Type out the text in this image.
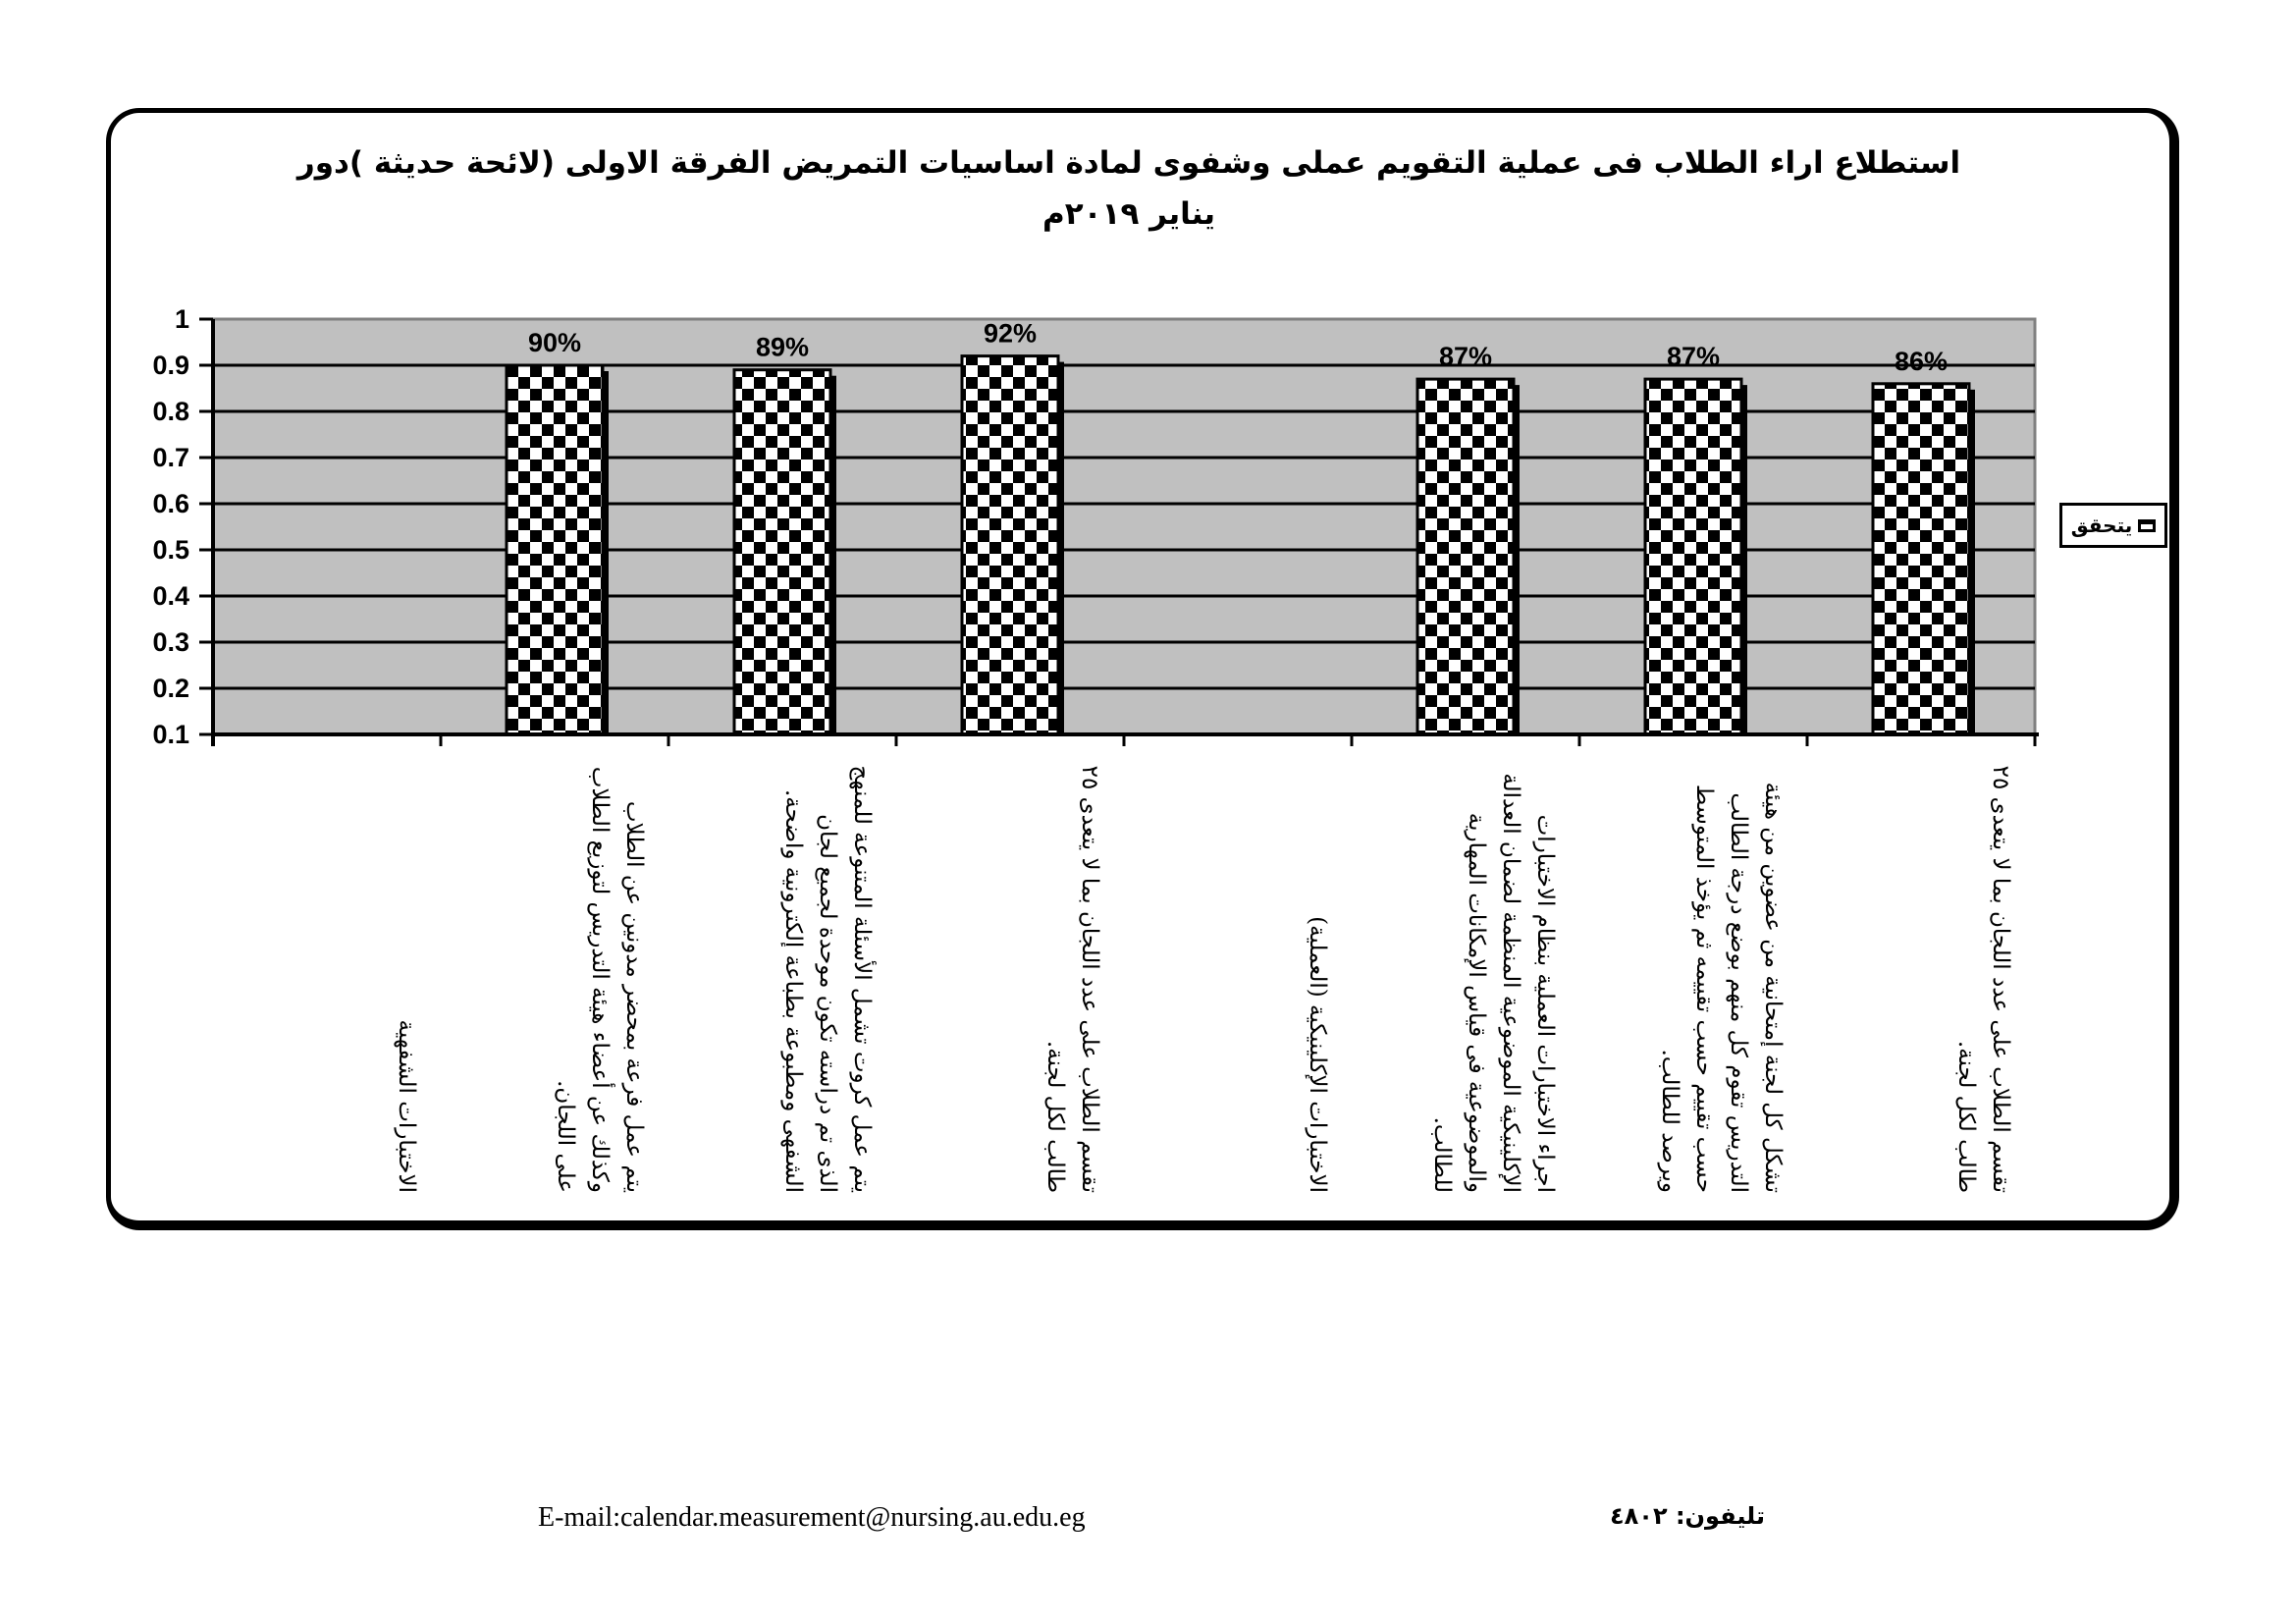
استطلاع اراء الطلاب فى عملية التقويم عملى وشفوى لمادة اساسيات التمريض الفرقة الاولى (لائحة حديثة )دور يناير ٢٠١٩م
1
0.9
0.8
0.7
0.6
0.5
0.4
0.3
0.2
0.1
90%	89%	92%
87%	87%	86%
الاختبارات الشفهية	يتم عمل فرعة بمحضر مدونين عن الطلاب وكذلك عن أعضاء هيئة التدريس لتوزيع الطلاب على اللجان.	يتم عمل كروت تشمل الأسئلة المتنوعة للمنهج الذى تم دراسته تكون موحدة لجميع لجان الشفهى ومطبوعة بطباعة إلكترونية واضحة.
تقسم الطلاب على عدد اللجان بما لا يتعدى ٢٥ طالب لكل لجنة.	الاختبارات الإكلينيكية (العملية)	اجراء الاختبارات العملية بنظام الاختبارات الإكلينيكية الموضوعية المنظمة لضمان العدالة والموضوعية فى قياس الإمكانات المهارية للطالب.	تشكل كل لجنة إمتحانية من عضوين من هيئة التدريس تقوم كل منهم بوضع درجة الطالب حسب تقييم حسب تقييمه ثم يؤخذ المتوسط ويرصد للطالب.
تقسم الطلاب على عدد اللجان بما لا يتعدى ٢٥ طالب لكل لجنة.
يتحقق
E-mail:calendar.measurement@nursing.au.edu.eg	تليفون: ٤٨٠٢
